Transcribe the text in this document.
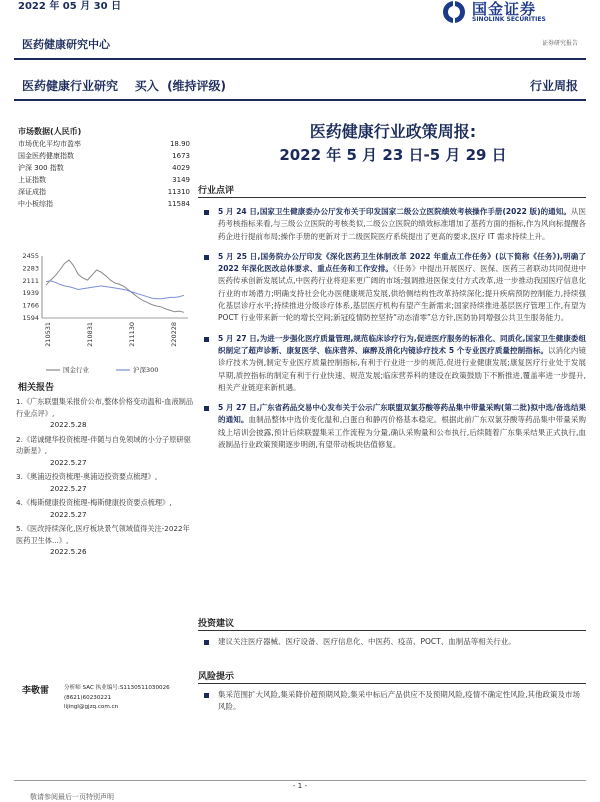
2022 年 05 月 30 日
医药健康研究中心
国金证券
SINOLINK SECURITIES
证券研究报告
医药健康行业研究    买入  (维持评级)	行业周报
医药健康行业政策周报:
2022 年 5 月 23 日-5 月 29 日
市场数据(人民币)
市场优化平均市盈率	18.90
国金医药健康指数	1673
沪深 300 指数	4029
上证指数	3149
深证成指	11310
中小板综指	11584
2455
2283
2111
1939
1766
1594
210531	210831	211130	220228
国金行业	沪深300
相关报告
1.《广东联盟集采报价公布,整体价格变动温和-血液制品行业点评》,
2022.5.28
2.《诺诚健华投资梳理-伴随与自免领域的小分子原研驱动新星》,
2022.5.27
3.《奥浦迈投资梳理-奥浦迈投资要点梳理》,
2022.5.27
4.《梅斯健康投资梳理-梅斯健康投资要点梳理》,
2022.5.27
5.《医改持续深化,医疗板块景气领域值得关注-2022年医药卫生体...》,
2022.5.26
李敬雷	分析师 SAC 执业编号:S1130511030026
(8621)60230221
lijingl@gjzq.com.cn
行业点评
5 月 24 日,国家卫生健康委办公厅发布关于印发国家二级公立医院绩效考核操作手册(2022 版)的通知。从医药考核指标来看,与三级公立医院的考核类似,二级公立医院的绩效标准增加了基药方面的指标,作为风向标提醒各药企进行提前布局;操作手册的更新对于二级医院医疗系统提出了更高的要求,医疗 IT 需求持续上升。
5 月 25 日,国务院办公厅印发《深化医药卫生体制改革 2022 年重点工作任务》(以下简称《任务》),明确了 2022 年深化医改总体要求、重点任务和工作安排。《任务》中提出开展医疗、医保、医药三者联动共同促进中医药传承创新发展试点,中医药行业将迎来更广阔的市场;强调推进医保支付方式改革,进一步推动我国医疗信息化行业的市场潜力;明确支持社会化办医健康规范发展,供给侧结构性改革持续深化;提升疾病预防控制能力,持续强化基层诊疗水平;持续推进分级诊疗体系,基层医疗机构有望产生新需求;国家持续推进基层医疗管理工作,有望为 POCT 行业带来新一轮的增长空间;新冠疫情防控坚持“动态清零”总方针,医防协同增强公共卫生服务能力。
5 月 27 日,为进一步强化医疗质量管理,规范临床诊疗行为,促进医疗服务的标准化、同质化,国家卫生健康委组织制定了超声诊断、康复医学、临床营养、麻醉及消化内镜诊疗技术 5 个专业医疗质量控制指标。以消化内镜诊疗技术为例,制定专业医疗质量控制指标,有利于行业进一步的规范,促进行业健康发展;康复医疗行业处于发展早期,质控指标的制定有利于行业快速、规范发展;临床营养科的建设在政策鼓励下不断推进,覆盖率进一步提升,相关产业链迎来新机遇。
5 月 27 日,广东省药品交易中心发布关于公示广东联盟双氯芬酸等药品集中带量采购(第二批)拟中选/备选结果的通知。血制品整体中选价变化温和,白蛋白和静丙价格基本稳定。根据此前广东双氯芬酸等药品集中带量采购线上培训会披露,预计后续联盟集采工作流程为分量,确认采购量和公布执行,后续随着广东集采结果正式执行,血液制品行业政策预期逐步明朗,有望带动板块估值修复。
投资建议
建议关注医疗器械、医疗设备、医疗信息化、中医药、疫苗、POCT、血制品等相关行业。
风险提示
集采范围扩大风险,集采降价超预期风险,集采中标后产品供应不及预期风险,疫情不确定性风险,其他政策及市场风险。
- 1 -
敬请参阅最后一页特别声明
